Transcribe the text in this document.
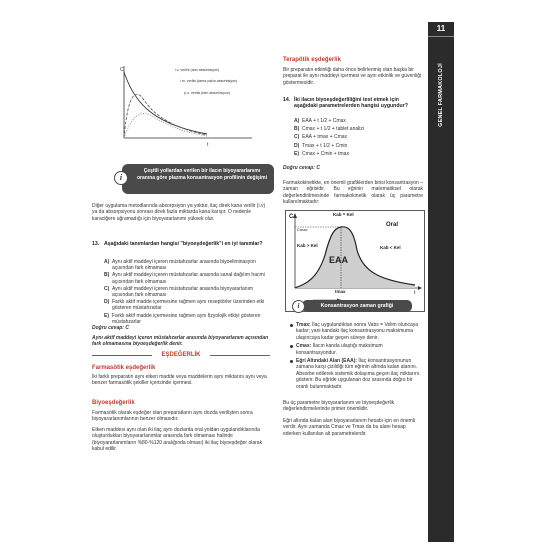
11
GENEL FARMAKOLOJİ
C
t
i.v. verilis (tam absorbsiyon)
i.m. verilis (tama yakın absorbsiyon)
p.o. verilis (tam absorbsiyon)
i
Çeşitli yollardan verilen bir ilacın biyoyararlanımı oranına göre plazma konsantrasyon profilinin değişimi
Diğer uygulama metodlarında absorpsiyon ya yoktur, ilaç direk kana verilir (i.v) ya da absorpsiyonu sonrası direk fazla miktarda kana karışır. O nedenle karaciğere uğramadığı için biyoyararlanımı yüksek olur.
13. Aşağıdaki tanımlardan hangisi "biyoeşdeğerlik"i en iyi tanımlar?
A) Aynı aktif maddeyi içeren müstahzarlar arasında biyoeliminasyon açısından fark olmaması
B) Aynı aktif maddeyi içeren müstahzarlar arasında sanal dağılım hacmi açısından fark olmaması
C) Aynı aktif maddeyi içeren müstahzarlar arasında biyoyararlanım açısından fark olmaması
D) Farklı aktif madde içermesine rağmen aynı reseptörler üzerinden etki gösteren müstahzarlar
E) Farklı aktif madde içermesine rağmen aynı fizyolojik etkiyi gösteren müstahzarlar
Doğru cevap: C
Aynı aktif maddeyi içeren müstahzarlar arasında biyoyararlanım açısından fark olmamasına biyoeşdeğerlik denir.
EŞDEĞERLİK
Farmasötik eşdeğerlik
İki farklı preparatın aynı etken madde veya maddelerin aynı miktarını aynı veya benzer farmasötik şekiller içerisinde içermesi.
Biyoeşdeğerlik
Farmasötik olarak eşdeğer olan preparatların aynı dozda verilişten sonra biyoyararlanımlarının benzer olmasıdır.
Etken maddesi aynı olan iki ilaç aynı dozlarda oral yoldan uygulandıklarında oluşturdukları biyoyararlanımlar arasında fark olmaması halinde (biyoyararlanımların %80-%120 aralığında olması) iki ilaç biyoeşdeğer olarak kabul edilir.
Terapötik eşdeğerlik
Bir preparatın etkinliği daha önce belirlenmiş olan başka bir preparat ile aynı maddeyi içermesi ve aynı etkinlik ve güvenliği göstermesidir.
14. İki ilacın biyoeşdeğerliliğini test etmek için aşağıdaki parametrelerden hangisi uygundur?
A) EAA + t 1/2 + Cmax
B) Cmax + t 1/2 + tablet analizi
C) EAA + tmax + Cmax
D) Tmax + t 1/2 + Cmin
E) Cmax + Cmin + tmax
Doğru cevap: C
Farmakokinetikte, en önemli grafiklerden birisi konsantrasyon – zaman eğrisidir. Bu eğrinin matematiksel olarak değerlendirilmesinde farmakokinetik olarak üç parametre kullanılmaktadır:
C
Cmax
Kab = Kel
Kab > Kel	Kab < Kel
Oral
EAA
tmax	t
i	Konsantrasyon zaman grafiği
Tmax: İlaç uygulandıktan sonra Vabs = Velim oluncaya kadar; yani kandaki ilaç konsantrasyonu maksimuma ulaşıncaya kadar geçen süreye denir.
Cmax: İlacın kanda ulaştığı maksimum konsantrasyondur.
Eğri Altındaki Alan (EAA): İlaç konsantrasyonunun zamana karşı çizildiği tüm eğrinin altında kalan alanını. Absorbe edilerek sistemik dolaşıma geçen ilaç miktarını gösterir. Bu eğride uygulanan doz arasında doğru bir oranlı bulunmaktadır.
Bu üç parametre biyoyararlanım ve biyoeşdeğerlik değerlendirmelerinde primer önemlidir.
Eğri altında kalan alan biyoyararlanım hesabı için en önemli verdir. Aynı zamanda Cmax ve Tmax da bu alanı hesap ederken kullanılan alt parametrelerdir.
